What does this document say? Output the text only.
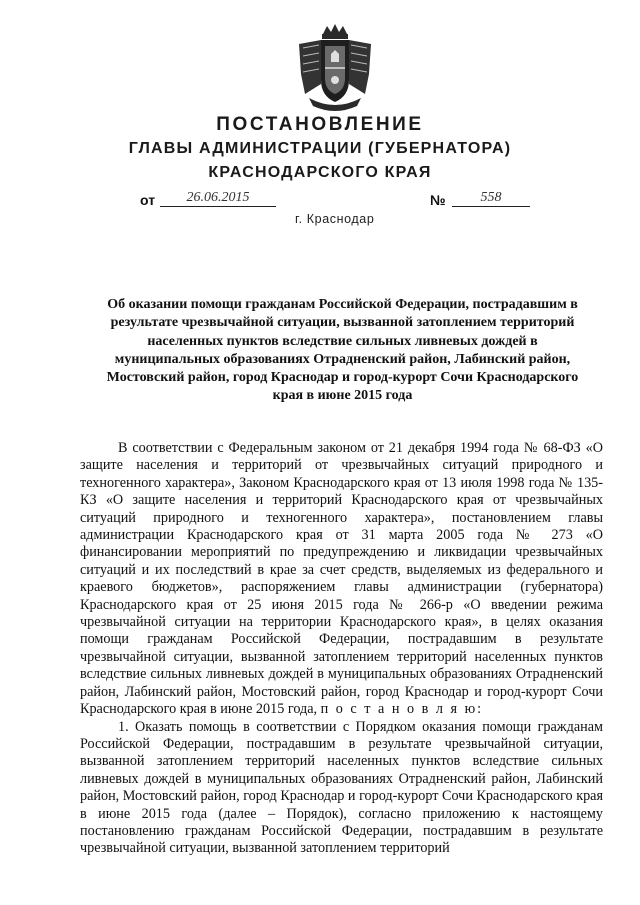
ПОСТАНОВЛЕНИЕ
ГЛАВЫ АДМИНИСТРАЦИИ (ГУБЕРНАТОРА)
КРАСНОДАРСКОГО КРАЯ
от	26.06.2015	№	558
г. Краснодар
Об оказании помощи гражданам Российской Федерации, пострадавшим в результате чрезвычайной ситуации, вызванной затоплением территорий населенных пунктов вследствие сильных ливневых дождей в муниципальных образованиях Отрадненский район, Лабинский район, Мостовский район, город Краснодар и город-курорт Сочи Краснодарского края в июне 2015 года

В соответствии с Федеральным законом от 21 декабря 1994 года № 68-ФЗ «О защите населения и территорий от чрезвычайных ситуаций природного и техногенного характера», Законом Краснодарского края от 13 июля 1998 года № 135-КЗ «О защите населения и территорий Краснодарского края от чрезвычайных ситуаций природного и техногенного характера», постановлением главы администрации Краснодарского края от 31 марта 2005 года № 273 «О финансировании мероприятий по предупреждению и ликвидации чрезвычайных ситуаций и их последствий в крае за счет средств, выделяемых из федерального и краевого бюджетов», распоряжением главы администрации (губернатора) Краснодарского края от 25 июня 2015 года № 266-р «О введении режима чрезвычайной ситуации на территории Краснодарского края», в целях оказания помощи гражданам Российской Федерации, пострадавшим в результате чрезвычайной ситуации, вызванной затоплением территорий населенных пунктов вследствие сильных ливневых дождей в муниципальных образованиях Отрадненский район, Лабинский район, Мостовский район, город Краснодар и город-курорт Сочи Краснодарского края в июне 2015 года, п о с т а н о в л я ю:

1. Оказать помощь в соответствии с Порядком оказания помощи гражданам Российской Федерации, пострадавшим в результате чрезвычайной ситуации, вызванной затоплением территорий населенных пунктов вследствие сильных ливневых дождей в муниципальных образованиях Отрадненский район, Лабинский район, Мостовский район, город Краснодар и город-курорт Сочи Краснодарского края в июне 2015 года (далее – Порядок), согласно приложению к настоящему постановлению гражданам Российской Федерации, пострадавшим в результате чрезвычайной ситуации, вызванной затоплением территорий
